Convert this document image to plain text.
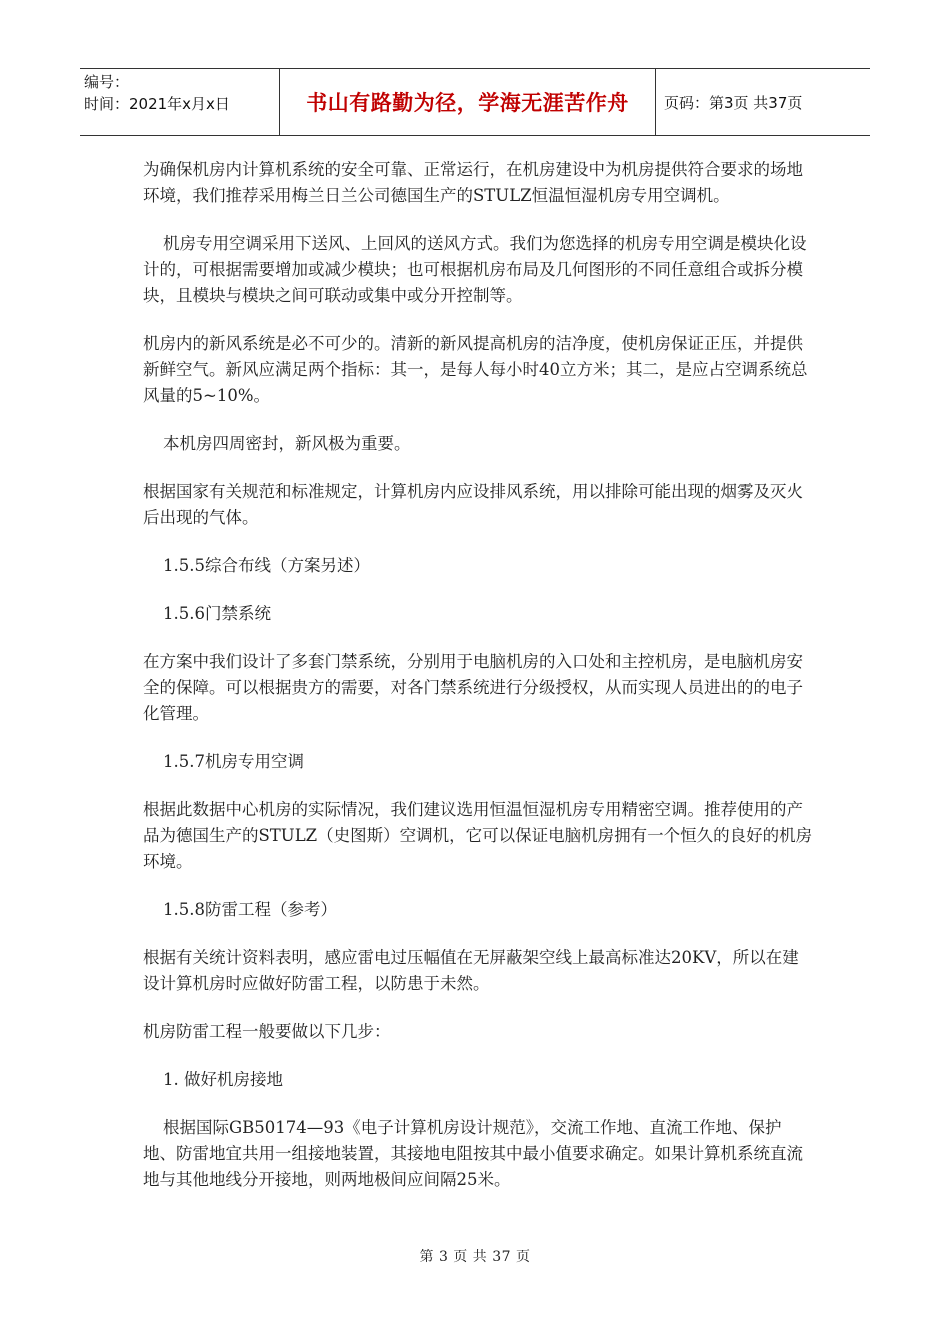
编号：
时间：2021年x月x日	书山有路勤为径，学海无涯苦作舟	页码：第3页 共37页

为确保机房内计算机系统的安全可靠、正常运行，在机房建设中为机房提供符合要求的场地环境，我们推荐采用梅兰日兰公司德国生产的STULZ恒温恒湿机房专用空调机。

机房专用空调采用下送风、上回风的送风方式。我们为您选择的机房专用空调是模块化设计的，可根据需要增加或减少模块；也可根据机房布局及几何图形的不同任意组合或拆分模块，且模块与模块之间可联动或集中或分开控制等。

机房内的新风系统是必不可少的。清新的新风提高机房的洁净度，使机房保证正压，并提供新鲜空气。新风应满足两个指标：其一，是每人每小时40立方米；其二，是应占空调系统总风量的5~10%。

本机房四周密封，新风极为重要。

根据国家有关规范和标准规定，计算机房内应设排风系统，用以排除可能出现的烟雾及灭火后出现的气体。

1.5.5综合布线（方案另述）

1.5.6门禁系统

在方案中我们设计了多套门禁系统，分别用于电脑机房的入口处和主控机房，是电脑机房安全的保障。可以根据贵方的需要，对各门禁系统进行分级授权，从而实现人员进出的的电子化管理。

1.5.7机房专用空调

根据此数据中心机房的实际情况，我们建议选用恒温恒湿机房专用精密空调。推荐使用的产品为德国生产的STULZ（史图斯）空调机，它可以保证电脑机房拥有一个恒久的良好的机房环境。

1.5.8防雷工程（参考）

根据有关统计资料表明，感应雷电过压幅值在无屏蔽架空线上最高标准达20KV，所以在建设计算机房时应做好防雷工程，以防患于未然。

机房防雷工程一般要做以下几步：

1. 做好机房接地

根据国际GB50174—93《电子计算机房设计规范》，交流工作地、直流工作地、保护地、防雷地宜共用一组接地装置，其接地电阻按其中最小值要求确定。如果计算机系统直流地与其他地线分开接地，则两地极间应间隔25米。

第 3 页 共 37 页
